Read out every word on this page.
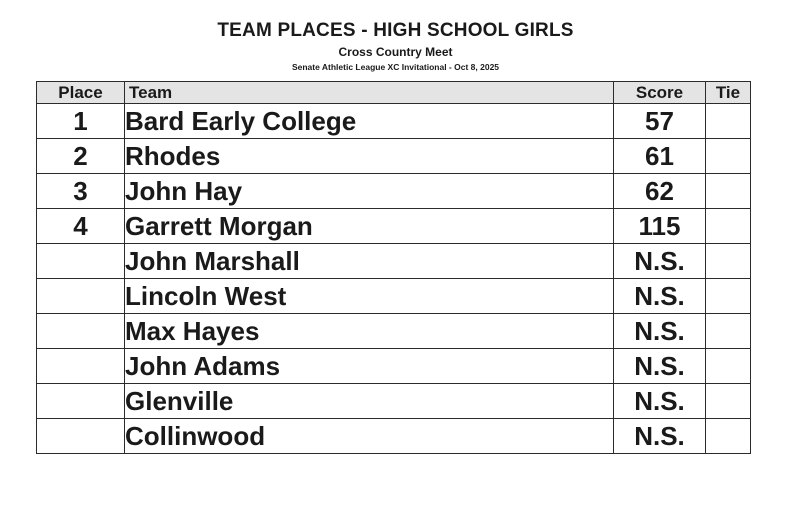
TEAM PLACES - HIGH SCHOOL GIRLS
Cross Country Meet
Senate Athletic League XC Invitational - Oct 8, 2025
Place	Team	Score	Tie
1	Bard Early College	57	
2	Rhodes	61	
3	John Hay	62	
4	Garrett Morgan	115	
	John Marshall	N.S.	
	Lincoln West	N.S.	
	Max Hayes	N.S.	
	John Adams	N.S.	
	Glenville	N.S.	
	Collinwood	N.S.	
